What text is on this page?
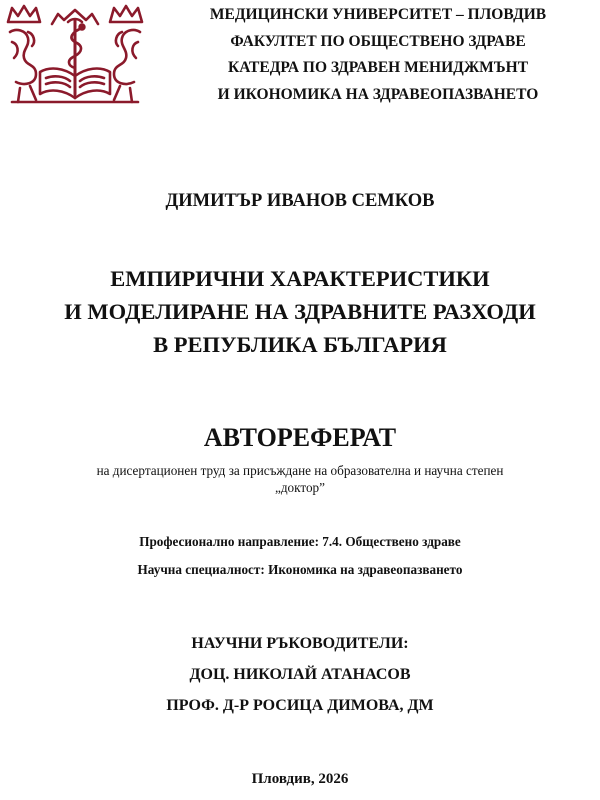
МЕДИЦИНСКИ УНИВЕРСИТЕТ – ПЛОВДИВ
ФАКУЛТЕТ ПО ОБЩЕСТВЕНО ЗДРАВЕ
КАТЕДРА ПО ЗДРАВЕН МЕНИДЖМЪНТ
И ИКОНОМИКА НА ЗДРАВЕОПАЗВАНЕТО
ДИМИТЪР ИВАНОВ СЕМКОВ
ЕМПИРИЧНИ ХАРАКТЕРИСТИКИ
И МОДЕЛИРАНЕ НА ЗДРАВНИТЕ РАЗХОДИ
В РЕПУБЛИКА БЪЛГАРИЯ
АВТОРЕФЕРАТ
на дисертационен труд за присъждане на образователна и научна степен
„доктор”
Професионално направление: 7.4. Обществено здраве
Научна специалност: Икономика на здравеопазването
НАУЧНИ РЪКОВОДИТЕЛИ:
ДОЦ. НИКОЛАЙ АТАНАСОВ
ПРОФ. Д-Р РОСИЦА ДИМОВА, ДМ
Пловдив, 2026
